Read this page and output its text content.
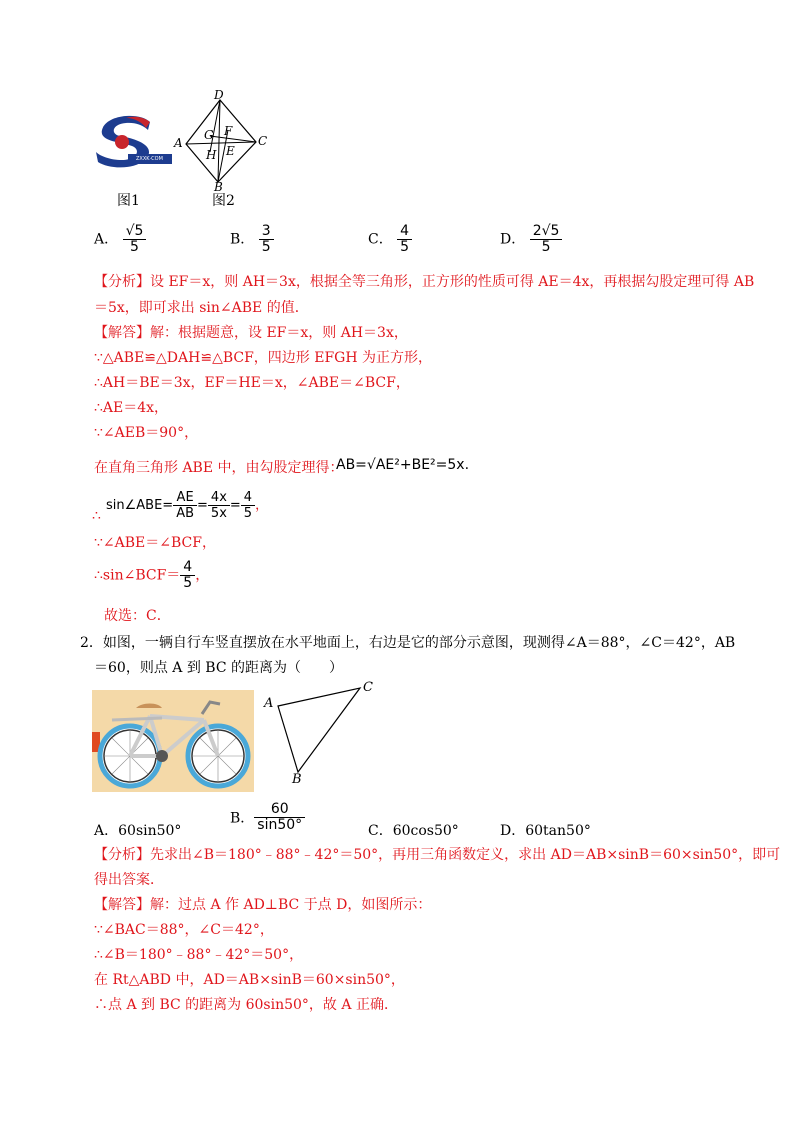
ZXXK·COM
图1
D
A	C
B
G F
H E
图2
A． $\frac{√5}{5}$	B． $\frac{3}{5}$	C． $\frac{4}{5}$	D． $\frac{2√5}{5}$
【分析】设 EF＝x，则 AH＝3x，根据全等三角形，正方形的性质可得 AE＝4x，再根据勾股定理可得 AB
＝5x，即可求出 sin∠ABE 的值．
【解答】解：根据题意，设 EF＝x，则 AH＝3x，
∵△ABE≌△DAH≌△BCF，四边形 EFGH 为正方形，
∴AH＝BE＝3x，EF＝HE＝x，∠ABE＝∠BCF，
∴AE＝4x，
∵∠AEB＝90°，
在直角三角形 ABE 中，由勾股定理得：
AB=√AE²+BE²=5x.
∴
sin∠ABE= $\frac{AE}{AB} = \frac{4x}{5x} = \frac{4}{5}$ ，
∵∠ABE＝∠BCF，
∴sin∠BCF＝ $\frac{4}{5}$ ，
故选：C．
2．如图，一辆自行车竖直摆放在水平地面上，右边是它的部分示意图，现测得∠A＝88°，∠C＝42°，AB
＝60，则点 A 到 BC 的距离为（　　）
A
C
B
A．60sin50°
B． $\frac{60}{\sin 50^\circ}$	C．60cos50°	D．60tan50°
【分析】先求出∠B＝180°﹣88°﹣42°＝50°，再用三角函数定义，求出 AD＝AB×sinB＝60×sin50°，即可
得出答案．
【解答】解：过点 A 作 AD⊥BC 于点 D，如图所示：
∵∠BAC＝88°，∠C＝42°，
∴∠B＝180°﹣88°﹣42°＝50°，
在 Rt△ABD 中，AD＝AB×sinB＝60×sin50°，
∴点 A 到 BC 的距离为 60sin50°，故 A 正确．
